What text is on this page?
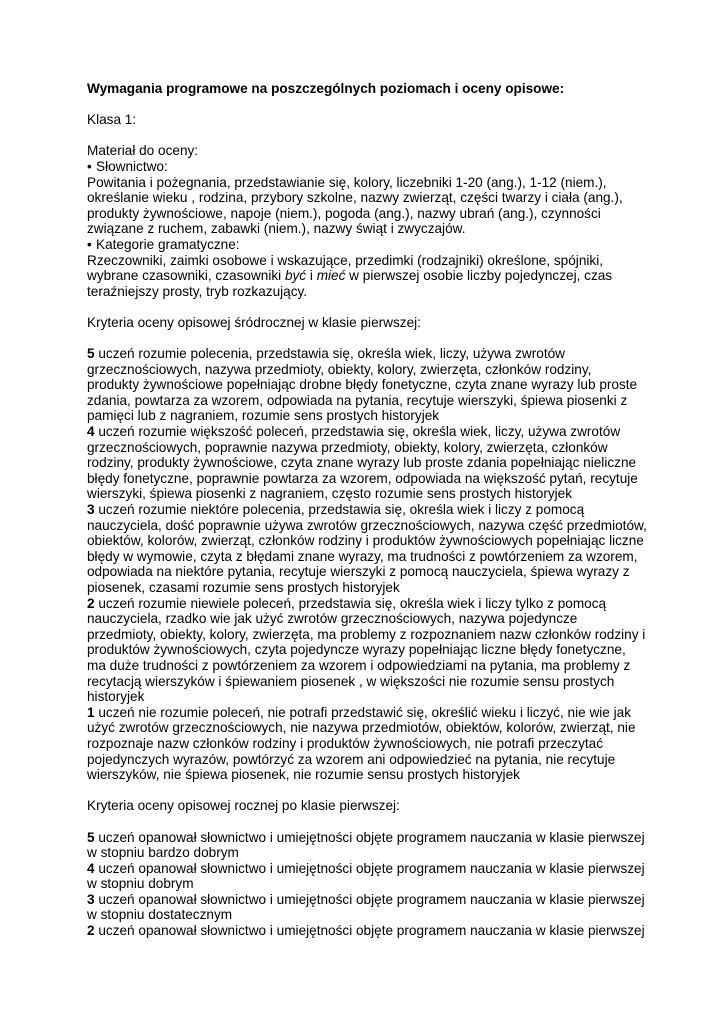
Wymagania programowe na poszczególnych poziomach i oceny opisowe:

Klasa 1:

Materiał do oceny:

• Słownictwo:

Powitania i pożegnania, przedstawianie się, kolory, liczebniki 1-20 (ang.), 1-12 (niem.), określanie wieku , rodzina, przybory szkolne, nazwy zwierząt, części twarzy i ciała (ang.), produkty żywnościowe, napoje (niem.), pogoda (ang.), nazwy ubrań (ang.), czynności związane z ruchem, zabawki (niem.), nazwy świąt i zwyczajów.

• Kategorie gramatyczne:

Rzeczowniki, zaimki osobowe i wskazujące, przedimki (rodzajniki) określone, spójniki, wybrane czasowniki, czasowniki być i mieć w pierwszej osobie liczby pojedynczej, czas teraźniejszy prosty, tryb rozkazujący.

Kryteria oceny opisowej śródrocznej w klasie pierwszej:

5 uczeń rozumie polecenia, przedstawia się, określa wiek, liczy, używa zwrotów grzecznościowych, nazywa przedmioty, obiekty, kolory, zwierzęta, członków rodziny, produkty żywnościowe popełniając drobne błędy fonetyczne, czyta znane wyrazy lub proste zdania, powtarza za wzorem, odpowiada na pytania, recytuje wierszyki, śpiewa piosenki z pamięci lub z nagraniem, rozumie sens prostych historyjek

4 uczeń rozumie większość poleceń, przedstawia się, określa wiek, liczy, używa zwrotów grzecznościowych, poprawnie nazywa przedmioty, obiekty, kolory, zwierzęta, członków rodziny, produkty żywnościowe, czyta znane wyrazy lub proste zdania popełniając nieliczne błędy fonetyczne, poprawnie powtarza za wzorem, odpowiada na większość pytań, recytuje wierszyki, śpiewa piosenki z nagraniem, często rozumie sens prostych historyjek

3 uczeń rozumie niektóre polecenia, przedstawia się, określa wiek i liczy z pomocą nauczyciela, dość poprawnie używa zwrotów grzecznościowych, nazywa część przedmiotów, obiektów, kolorów, zwierząt, członków rodziny i produktów żywnościowych popełniając liczne błędy w wymowie, czyta z błędami znane wyrazy, ma trudności z powtórzeniem za wzorem, odpowiada na niektóre pytania, recytuje wierszyki z pomocą nauczyciela, śpiewa wyrazy z piosenek, czasami rozumie sens prostych historyjek

2 uczeń rozumie niewiele poleceń, przedstawia się, określa wiek i liczy tylko z pomocą nauczyciela, rzadko wie jak użyć zwrotów grzecznościowych, nazywa pojedyncze przedmioty, obiekty, kolory, zwierzęta, ma problemy z rozpoznaniem nazw członków rodziny i produktów żywnościowych, czyta pojedyncze wyrazy popełniając liczne błędy fonetyczne, ma duże trudności z powtórzeniem za wzorem i odpowiedziami na pytania, ma problemy z recytacją wierszyków i śpiewaniem piosenek , w większości nie rozumie sensu prostych historyjek

1 uczeń nie rozumie poleceń, nie potrafi przedstawić się, określić wieku i liczyć, nie wie jak użyć zwrotów grzecznościowych, nie nazywa przedmiotów, obiektów, kolorów, zwierząt, nie rozpoznaje nazw członków rodziny i produktów żywnościowych, nie potrafi przeczytać pojedynczych wyrazów, powtórzyć za wzorem ani odpowiedzieć na pytania, nie recytuje wierszyków, nie śpiewa piosenek, nie rozumie sensu prostych historyjek

Kryteria oceny opisowej rocznej po klasie pierwszej:

5 uczeń opanował słownictwo i umiejętności objęte programem nauczania w klasie pierwszej w stopniu bardzo dobrym

4 uczeń opanował słownictwo i umiejętności objęte programem nauczania w klasie pierwszej w stopniu dobrym

3 uczeń opanował słownictwo i umiejętności objęte programem nauczania w klasie pierwszej w stopniu dostatecznym

2 uczeń opanował słownictwo i umiejętności objęte programem nauczania w klasie pierwszej
